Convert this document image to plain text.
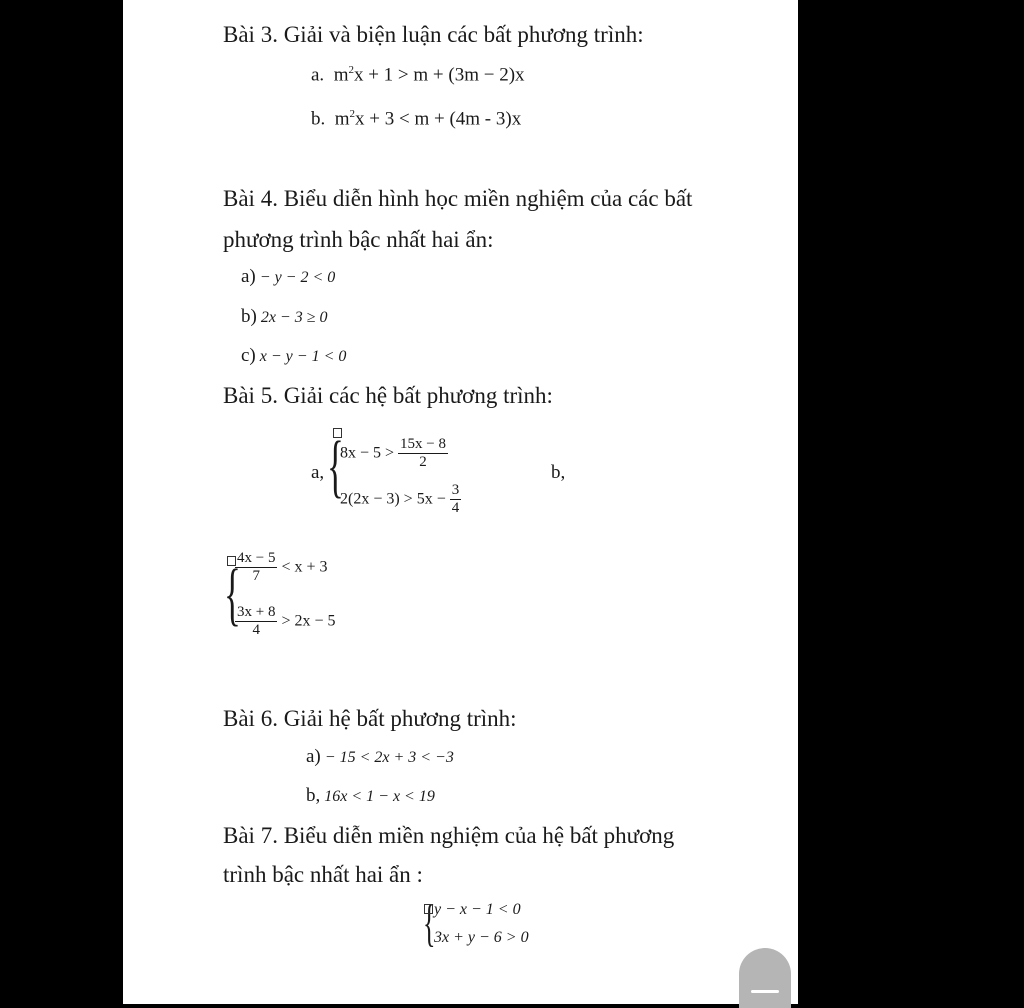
Bài 3. Giải và biện luận các bất phương trình:
a. $m^2x + 1 > m + (3m - 2)x$
b. $m^2x + 3 < m + (4m - 3)x$
Bài 4. Biểu diễn hình học miền nghiệm của các bất
phương trình bậc nhất hai ẩn:
a) − y − 2 < 0
b) 2x − 3 ≥ 0
c) x − y − 1 < 0
Bài 5. Giải các hệ bất phương trình:
a, {
$8x - 5 > \frac{15x - 8}{2}$
$2(2x - 3) > 5x - \frac{3}{4}$
b,
{
$\frac{4x - 5}{7} < x + 3$
$\frac{3x + 8}{4} > 2x - 5$
Bài 6. Giải hệ bất phương trình:
a) − 15 < 2x + 3 < −3
b, 16x < 1 − x < 19
Bài 7. Biểu diễn miền nghiệm của hệ bất phương
trình bậc nhất hai ẩn :
{
y − x − 1 < 0
3x + y − 6 > 0
